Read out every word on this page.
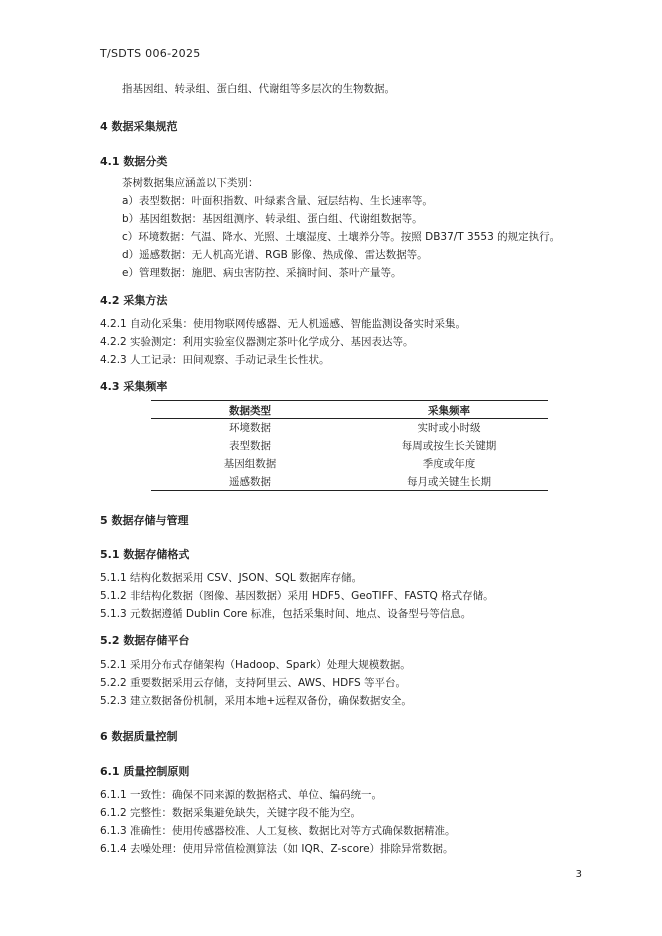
T/SDTS 006-2025
指基因组、转录组、蛋白组、代谢组等多层次的生物数据。
4 数据采集规范
4.1 数据分类
茶树数据集应涵盖以下类别：
a）表型数据：叶面积指数、叶绿素含量、冠层结构、生长速率等。
b）基因组数据：基因组测序、转录组、蛋白组、代谢组数据等。
c）环境数据：气温、降水、光照、土壤湿度、土壤养分等。按照 DB37/T 3553 的规定执行。
d）遥感数据：无人机高光谱、RGB 影像、热成像、雷达数据等。
e）管理数据：施肥、病虫害防控、采摘时间、茶叶产量等。
4.2 采集方法
4.2.1 自动化采集：使用物联网传感器、无人机遥感、智能监测设备实时采集。
4.2.2 实验测定：利用实验室仪器测定茶叶化学成分、基因表达等。
4.2.3 人工记录：田间观察、手动记录生长性状。
4.3 采集频率
数据类型	采集频率
环境数据	实时或小时级
表型数据	每周或按生长关键期
基因组数据	季度或年度
遥感数据	每月或关键生长期
5 数据存储与管理
5.1 数据存储格式
5.1.1 结构化数据采用 CSV、JSON、SQL 数据库存储。
5.1.2 非结构化数据（图像、基因数据）采用 HDF5、GeoTIFF、FASTQ 格式存储。
5.1.3 元数据遵循 Dublin Core 标准，包括采集时间、地点、设备型号等信息。
5.2 数据存储平台
5.2.1 采用分布式存储架构（Hadoop、Spark）处理大规模数据。
5.2.2 重要数据采用云存储，支持阿里云、AWS、HDFS 等平台。
5.2.3 建立数据备份机制，采用本地+远程双备份，确保数据安全。
6 数据质量控制
6.1 质量控制原则
6.1.1 一致性：确保不同来源的数据格式、单位、编码统一。
6.1.2 完整性：数据采集避免缺失，关键字段不能为空。
6.1.3 准确性：使用传感器校准、人工复核、数据比对等方式确保数据精准。
6.1.4 去噪处理：使用异常值检测算法（如 IQR、Z-score）排除异常数据。
3
